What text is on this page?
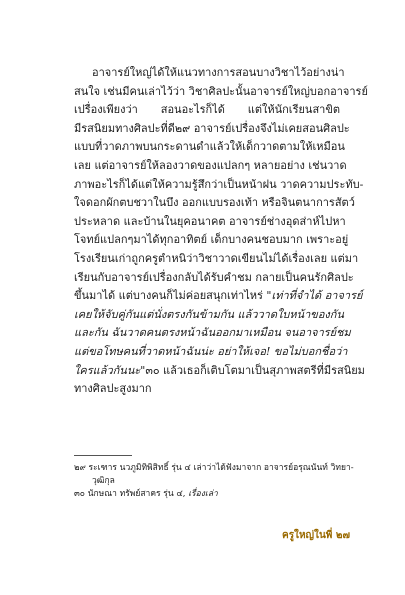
อาจารย์ใหญ่ได้ให้แนวทางการสอนบางวิชาไว้อย่างน่า
สนใจ เช่นมีคนเล่าไว้ว่า วิชาศิลปะนั้นอาจารย์ใหญ่บอกอาจารย์
เปรื่องเพียงว่า สอนอะไรก็ได้ แต่ให้นักเรียนสาขิต
มีรสนิยมทางศิลปะที่ดี๒๙ อาจารย์เปรื่องจึงไม่เคยสอนศิลปะ
แบบที่วาดภาพบนกระดานดำแล้วให้เด็กวาดตามให้เหมือน
เลย แต่อาจารย์ให้ลองวาดของแปลกๆ หลายอย่าง เช่นวาด
ภาพอะไรก็ได้แต่ให้ความรู้สึกว่าเป็นหน้าฝน วาดความประทับ-
ใจดอกผักตบชวาในบึง ออกแบบรองเท้า หรือจินตนาการสัตว์
ประหลาด และบ้านในยุคอนาคต อาจารย์ช่างอุดส่าห์ไปหา
โจทย์แปลกๆมาได้ทุกอาทิตย์ เด็กบางคนชอบมาก เพราะอยู่
โรงเรียนเก่าถูกครูตำหนิว่าวิชาวาดเขียนไม่ได้เรื่องเลย แต่มา
เรียนกับอาจารย์เปรื่องกลับได้รับคำชม กลายเป็นคนรักศิลปะ
ขึ้นมาได้ แต่บางคนก็ไม่ค่อยสนุกเท่าไหร่ "เท่าที่จำได้ อาจารย์
เคยให้จับคู่กันแต่นั่งตรงกันข้ามกัน แล้ววาดใบหน้าของกัน
และกัน ฉันวาดคนตรงหน้าฉันออกมาเหมือน จนอาจารย์ชม
แต่ขอโทษคนที่วาดหน้าฉันน่ะ อย่าให้เจอ! ขอไม่บอกชื่อว่า
ใครแล้วกันนะ"๓๐ แล้วเธอก็เติบโตมาเป็นสุภาพสตรีที่มีรสนิยม
ทางศิลปะสูงมาก
๒๙ ระเฑาร นวภูมิทิพิสิทธิ์ รุ่น ๔ เล่าว่าได้ฟังมาจาก อาจารย์อรุณนันท์ วิทยา-
วุฒิกุล
๓๐ นักษณา ทรัพย์สาคร รุ่น ๔, เรื่องเล่า
ครูใหญ่ในพี่ ๒๗
